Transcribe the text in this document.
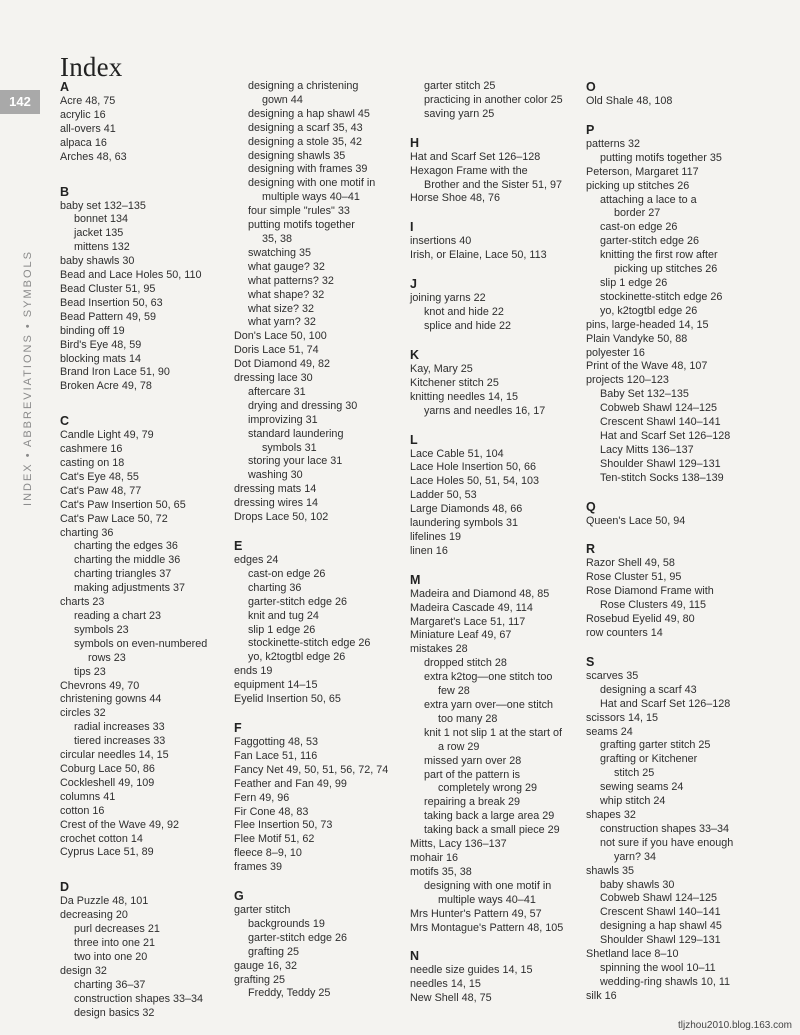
Index
142
INDEX • ABBREVIATIONS • SYMBOLS
A
Acre 48, 75
acrylic 16
all-overs 41
alpaca 16
Arches 48, 63
B
baby set 132–135
bonnet 134
jacket 135
mittens 132
baby shawls 30
Bead and Lace Holes 50, 110
Bead Cluster 51, 95
Bead Insertion 50, 63
Bead Pattern 49, 59
binding off 19
Bird's Eye 48, 59
blocking mats 14
Brand Iron Lace 51, 90
Broken Acre 49, 78
C
Candle Light 49, 79
cashmere 16
casting on 18
Cat's Eye 48, 55
Cat's Paw 48, 77
Cat's Paw Insertion 50, 65
Cat's Paw Lace 50, 72
charting 36
charting the edges 36
charting the middle 36
charting triangles 37
making adjustments 37
charts 23
reading a chart 23
symbols 23
symbols on even-numbered
rows 23
tips 23
Chevrons 49, 70
christening gowns 44
circles 32
radial increases 33
tiered increases 33
circular needles 14, 15
Coburg Lace 50, 86
Cockleshell 49, 109
columns 41
cotton 16
Crest of the Wave 49, 92
crochet cotton 14
Cyprus Lace 51, 89
D
Da Puzzle 48, 101
decreasing 20
purl decreases 21
three into one 21
two into one 20
design 32
charting 36–37
construction shapes 33–34
design basics 32
designing a christening
gown 44
designing a hap shawl 45
designing a scarf 35, 43
designing a stole 35, 42
designing shawls 35
designing with frames 39
designing with one motif in
multiple ways 40–41
four simple "rules" 33
putting motifs together
35, 38
swatching 35
what gauge? 32
what patterns? 32
what shape? 32
what size? 32
what yarn? 32
Don's Lace 50, 100
Doris Lace 51, 74
Dot Diamond 49, 82
dressing lace 30
aftercare 31
drying and dressing 30
improvizing 31
standard laundering
symbols 31
storing your lace 31
washing 30
dressing mats 14
dressing wires 14
Drops Lace 50, 102
E
edges 24
cast-on edge 26
charting 36
garter-stitch edge 26
knit and tug 24
slip 1 edge 26
stockinette-stitch edge 26
yo, k2togtbl edge 26
ends 19
equipment 14–15
Eyelid Insertion 50, 65
F
Faggotting 48, 53
Fan Lace 51, 116
Fancy Net 49, 50, 51, 56, 72, 74
Feather and Fan 49, 99
Fern 49, 96
Fir Cone 48, 83
Flee Insertion 50, 73
Flee Motif 51, 62
fleece 8–9, 10
frames 39
G
garter stitch
backgrounds 19
garter-stitch edge 26
grafting 25
gauge 16, 32
grafting 25
Freddy, Teddy 25
garter stitch 25
practicing in another color 25
saving yarn 25
H
Hat and Scarf Set 126–128
Hexagon Frame with the
Brother and the Sister 51, 97
Horse Shoe 48, 76
I
insertions 40
Irish, or Elaine, Lace 50, 113
J
joining yarns 22
knot and hide 22
splice and hide 22
K
Kay, Mary 25
Kitchener stitch 25
knitting needles 14, 15
yarns and needles 16, 17
L
Lace Cable 51, 104
Lace Hole Insertion 50, 66
Lace Holes 50, 51, 54, 103
Ladder 50, 53
Large Diamonds 48, 66
laundering symbols 31
lifelines 19
linen 16
M
Madeira and Diamond 48, 85
Madeira Cascade 49, 114
Margaret's Lace 51, 117
Miniature Leaf 49, 67
mistakes 28
dropped stitch 28
extra k2tog—one stitch too
few 28
extra yarn over—one stitch
too many 28
knit 1 not slip 1 at the start of
a row 29
missed yarn over 28
part of the pattern is
completely wrong 29
repairing a break 29
taking back a large area 29
taking back a small piece 29
Mitts, Lacy 136–137
mohair 16
motifs 35, 38
designing with one motif in
multiple ways 40–41
Mrs Hunter's Pattern 49, 57
Mrs Montague's Pattern 48, 105
N
needle size guides 14, 15
needles 14, 15
New Shell 48, 75
O
Old Shale 48, 108
P
patterns 32
putting motifs together 35
Peterson, Margaret 117
picking up stitches 26
attaching a lace to a
border 27
cast-on edge 26
garter-stitch edge 26
knitting the first row after
picking up stitches 26
slip 1 edge 26
stockinette-stitch edge 26
yo, k2togtbl edge 26
pins, large-headed 14, 15
Plain Vandyke 50, 88
polyester 16
Print of the Wave 48, 107
projects 120–123
Baby Set 132–135
Cobweb Shawl 124–125
Crescent Shawl 140–141
Hat and Scarf Set 126–128
Lacy Mitts 136–137
Shoulder Shawl 129–131
Ten-stitch Socks 138–139
Q
Queen's Lace 50, 94
R
Razor Shell 49, 58
Rose Cluster 51, 95
Rose Diamond Frame with
Rose Clusters 49, 115
Rosebud Eyelid 49, 80
row counters 14
S
scarves 35
designing a scarf 43
Hat and Scarf Set 126–128
scissors 14, 15
seams 24
grafting garter stitch 25
grafting or Kitchener
stitch 25
sewing seams 24
whip stitch 24
shapes 32
construction shapes 33–34
not sure if you have enough
yarn? 34
shawls 35
baby shawls 30
Cobweb Shawl 124–125
Crescent Shawl 140–141
designing a hap shawl 45
Shoulder Shawl 129–131
Shetland lace 8–10
spinning the wool 10–11
wedding-ring shawls 10, 11
silk 16
tljzhou2010.blog.163.com
